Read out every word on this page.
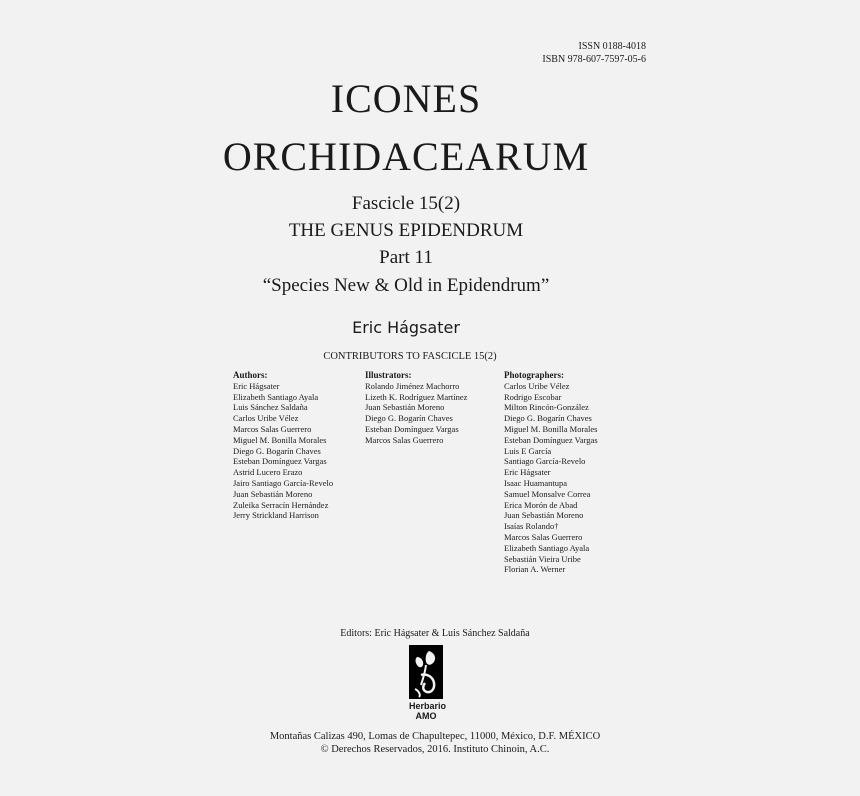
ISSN 0188-4018
ISBN 978-607-7597-05-6
ICONES
ORCHIDACEARUM
Fascicle 15(2)
THE GENUS EPIDENDRUM
Part 11
“Species New & Old in Epidendrum”
Eric Hágsater
CONTRIBUTORS TO FASCICLE 15(2)
Authors:
Eric Hágsater
Elizabeth Santiago Ayala
Luis Sánchez Saldaña
Carlos Uribe Vélez
Marcos Salas Guerrero
Miguel M. Bonilla Morales
Diego G. Bogarín Chaves
Esteban Domínguez Vargas
Astrid Lucero Erazo
Jairo Santiago García-Revelo
Juan Sebastián Moreno
Zuleika Serracín Hernández
Jerry Strickland Harrison
Illustrators:
Rolando Jiménez Machorro
Lizeth K. Rodríguez Martínez
Juan Sebastián Moreno
Diego G. Bogarín Chaves
Esteban Domínguez Vargas
Marcos Salas Guerrero
Photographers:
Carlos Uribe Vélez
Rodrigo Escobar
Milton Rincón-González
Diego G. Bogarín Chaves
Miguel M. Bonilla Morales
Esteban Domínguez Vargas
Luis E García
Santiago García-Revelo
Eric Hágsater
Isaac Huamantupa
Samuel Monsalve Correa
Erica Morón de Abad
Juan Sebastián Moreno
Isaías Rolando†
Marcos Salas Guerrero
Elizabeth Santiago Ayala
Sebastián Vieira Uribe
Florian A. Werner
Editors: Eric Hágsater & Luis Sánchez Saldaña
Herbario
AMO
Montañas Calizas 490, Lomas de Chapultepec, 11000, México, D.F. MÉXICO
© Derechos Reservados, 2016. Instituto Chinoin, A.C.
